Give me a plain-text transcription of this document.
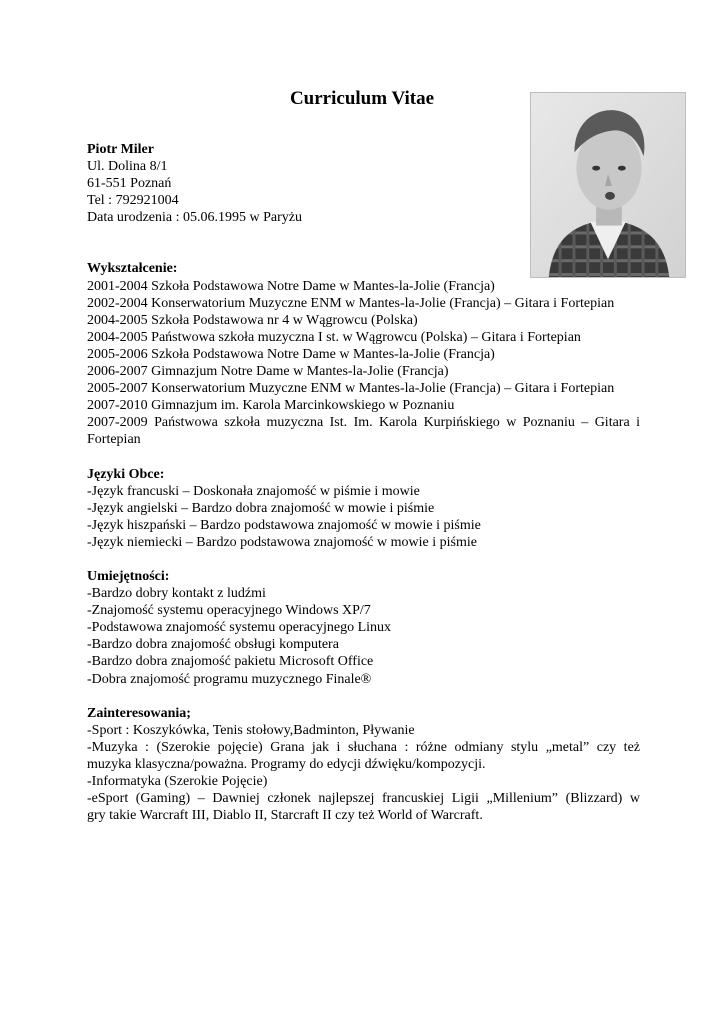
Curriculum Vitae
Piotr Miler
Ul. Dolina 8/1
61-551 Poznań
Tel : 792921004
Data urodzenia : 05.06.1995 w Paryżu
Wykształcenie:
2001-2004 Szkoła Podstawowa Notre Dame w Mantes-la-Jolie (Francja)
2002-2004 Konserwatorium Muzyczne ENM w Mantes-la-Jolie (Francja) – Gitara i Fortepian
2004-2005 Szkoła Podstawowa nr 4 w Wągrowcu (Polska)
2004-2005 Państwowa szkoła muzyczna I st. w Wągrowcu (Polska) – Gitara i Fortepian
2005-2006 Szkoła Podstawowa Notre Dame w Mantes-la-Jolie (Francja)
2006-2007 Gimnazjum Notre Dame w Mantes-la-Jolie (Francja)
2005-2007 Konserwatorium Muzyczne ENM w Mantes-la-Jolie (Francja) – Gitara i Fortepian
2007-2010 Gimnazjum im. Karola Marcinkowskiego w Poznaniu
2007-2009 Państwowa szkoła muzyczna Ist. Im. Karola Kurpińskiego w Poznaniu – Gitara i
Fortepian
Języki Obce:
-Język francuski – Doskonała znajomość w piśmie i mowie
-Język angielski – Bardzo dobra znajomość w mowie i piśmie
-Język hiszpański – Bardzo podstawowa znajomość w mowie i piśmie
-Język niemiecki – Bardzo podstawowa znajomość w mowie i piśmie
Umiejętności:
-Bardzo dobry kontakt z ludźmi
-Znajomość systemu operacyjnego Windows XP/7
-Podstawowa znajomość systemu operacyjnego Linux
-Bardzo dobra znajomość obsługi komputera
-Bardzo dobra znajomość pakietu Microsoft Office
-Dobra znajomość programu muzycznego Finale®
Zainteresowania;
-Sport : Koszykówka, Tenis stołowy,Badminton, Pływanie
-Muzyka : (Szerokie pojęcie) Grana jak i słuchana : różne odmiany stylu „metal” czy też
muzyka klasyczna/poważna. Programy do edycji dźwięku/kompozycji.
-Informatyka (Szerokie Pojęcie)
-eSport (Gaming) – Dawniej członek najlepszej francuskiej Ligii „Millenium” (Blizzard) w
gry takie Warcraft III, Diablo II, Starcraft II czy też World of Warcraft.
